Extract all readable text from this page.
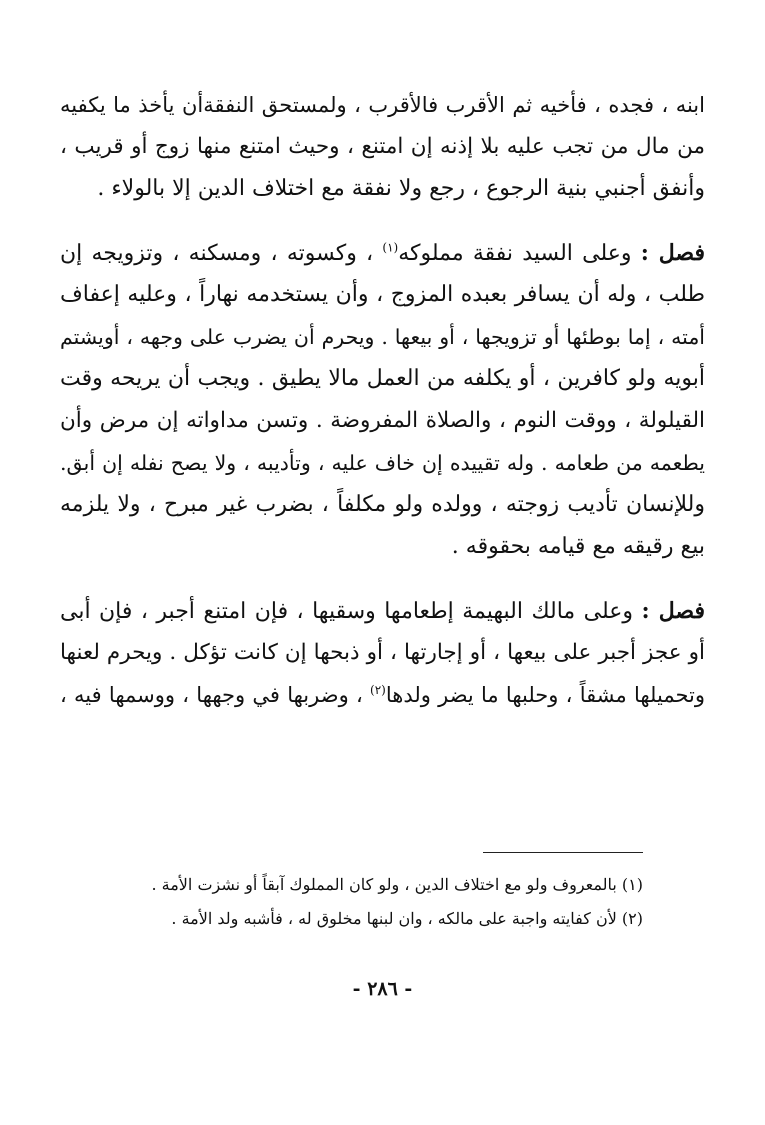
ابنه ، فجده ، فأخيه ثم الأقرب فالأقرب ، ولمستحق النفقةأن يأخذ ما يكفيه
من مال من تجب عليه بلا إذنه إن امتنع ، وحيث امتنع منها زوج أو قريب ،
وأنفق أجنبي بنية الرجوع ، رجع ولا نفقة مع اختلاف الدين إلا بالولاء .
فصل : وعلى السيد نفقة مملوكه$^{(١)}$ ، وكسوته ، ومسكنه ، وتزويجه إن
طلب ، وله أن يسافر بعبده المزوج ، وأن يستخدمه نهاراً ، وعليه إعفاف
أمته ، إما بوطئها أو تزويجها ، أو بيعها . ويحرم أن يضرب على وجهه ، أويشتم
أبويه ولو كافرين ، أو يكلفه من العمل مالا يطيق . ويجب أن يريحه وقت
القيلولة ، ووقت النوم ، والصلاة المفروضة . وتسن مداواته إن مرض وأن
يطعمه من طعامه . وله تقييده إن خاف عليه ، وتأديبه ، ولا يصح نفله إن أبق.
وللإنسان تأديب زوجته ، وولده ولو مكلفاً ، بضرب غير مبرح ، ولا يلزمه
بيع رقيقه مع قيامه بحقوقه .
فصل : وعلى مالك البهيمة إطعامها وسقيها ، فإن امتنع أجبر ، فإن أبى
أو عجز أجبر على بيعها ، أو إجارتها ، أو ذبحها إن كانت تؤكل . ويحرم لعنها
وتحميلها مشقاً ، وحلبها ما يضر ولدها$^{(٢)}$ ، وضربها في وجهها ، ووسمها فيه ،
(١) بالمعروف ولو مع اختلاف الدين ، ولو كان المملوك آبقاً أو نشزت الأمة .
(٢) لأن كفايته واجبة على مالكه ، وان لبنها مخلوق له ، فأشبه ولد الأمة .
- ٢٨٦ -
